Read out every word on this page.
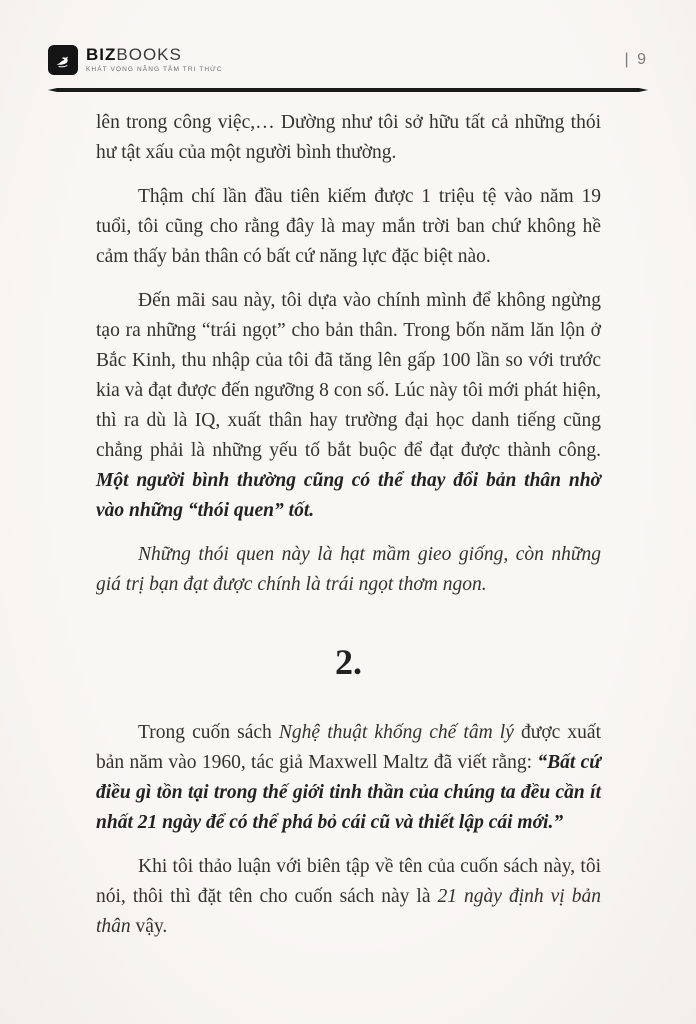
BIZBOOKS
KHÁT VỌNG NÂNG TẦM TRI THỨC
| 9

lên trong công việc,… Dường như tôi sở hữu tất cả những thói hư tật xấu của một người bình thường.

Thậm chí lần đầu tiên kiếm được 1 triệu tệ vào năm 19 tuổi, tôi cũng cho rằng đây là may mắn trời ban chứ không hề cảm thấy bản thân có bất cứ năng lực đặc biệt nào.

Đến mãi sau này, tôi dựa vào chính mình để không ngừng tạo ra những “trái ngọt” cho bản thân. Trong bốn năm lăn lộn ở Bắc Kinh, thu nhập của tôi đã tăng lên gấp 100 lần so với trước kia và đạt được đến ngưỡng 8 con số. Lúc này tôi mới phát hiện, thì ra dù là IQ, xuất thân hay trường đại học danh tiếng cũng chẳng phải là những yếu tố bắt buộc để đạt được thành công. Một người bình thường cũng có thể thay đổi bản thân nhờ vào những “thói quen” tốt.

Những thói quen này là hạt mầm gieo giống, còn những giá trị bạn đạt được chính là trái ngọt thơm ngon.

2.

Trong cuốn sách Nghệ thuật khống chế tâm lý được xuất bản năm vào 1960, tác giả Maxwell Maltz đã viết rằng: “Bất cứ điều gì tồn tại trong thế giới tinh thần của chúng ta đều cần ít nhất 21 ngày để có thể phá bỏ cái cũ và thiết lập cái mới.”

Khi tôi thảo luận với biên tập về tên của cuốn sách này, tôi nói, thôi thì đặt tên cho cuốn sách này là 21 ngày định vị bản thân vậy.
